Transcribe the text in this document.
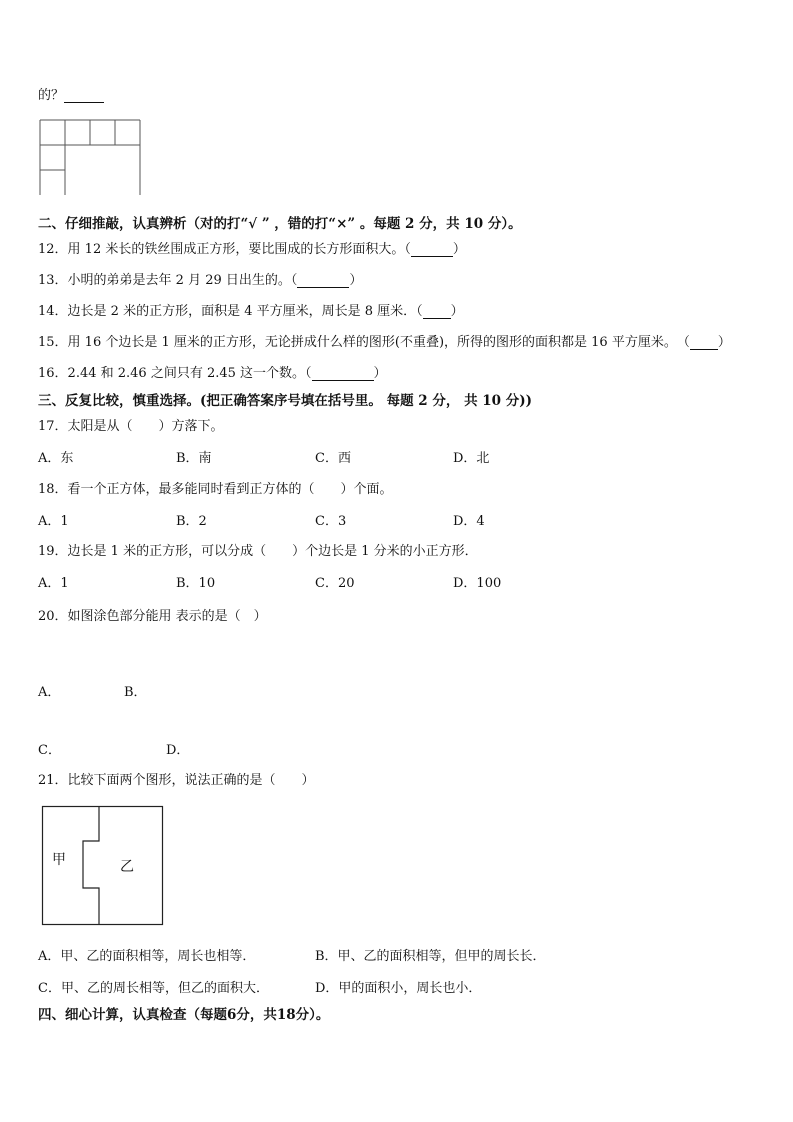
的？
二、仔细推敲，认真辨析（对的打“√ ” ，错的打“×” 。每题 2 分，共 10 分）。
12．用 12 米长的铁丝围成正方形，要比围成的长方形面积大。（	）
13．小明的弟弟是去年 2 月 29 日出生的。（	）
14．边长是 2 米的正方形，面积是 4 平方厘米，周长是 8 厘米．（ ）
15．用 16 个边长是 1 厘米的正方形，无论拼成什么样的图形(不重叠)，所得的图形的面积都是 16 平方厘米。　（ ）
16．2.44 和 2.46 之间只有 2.45 这一个数。（	）
三、反复比较，慎重选择。(把正确答案序号填在括号里。 每题 2 分， 共 10 分))
17．太阳是从（　　）方落下。
A．东	B．南	C．西	D．北
18．看一个正方体，最多能同时看到正方体的（　　）个面。
A．1	B．2	C．3	D．4
19．边长是 1 米的正方形，可以分成（　　）个边长是 1 分米的小正方形．
A．1	B．10	C．20	D．100
20．如图涂色部分能用 表示的是（　）
A．	B．
C．	D．
21．比较下面两个图形，说法正确的是（　　）
甲	乙
A．甲、乙的面积相等，周长也相等．	B．甲、乙的面积相等，但甲的周长长．
C．甲、乙的周长相等，但乙的面积大．	D．甲的面积小，周长也小．
四、细心计算，认真检查（每题6分，共18分）。
